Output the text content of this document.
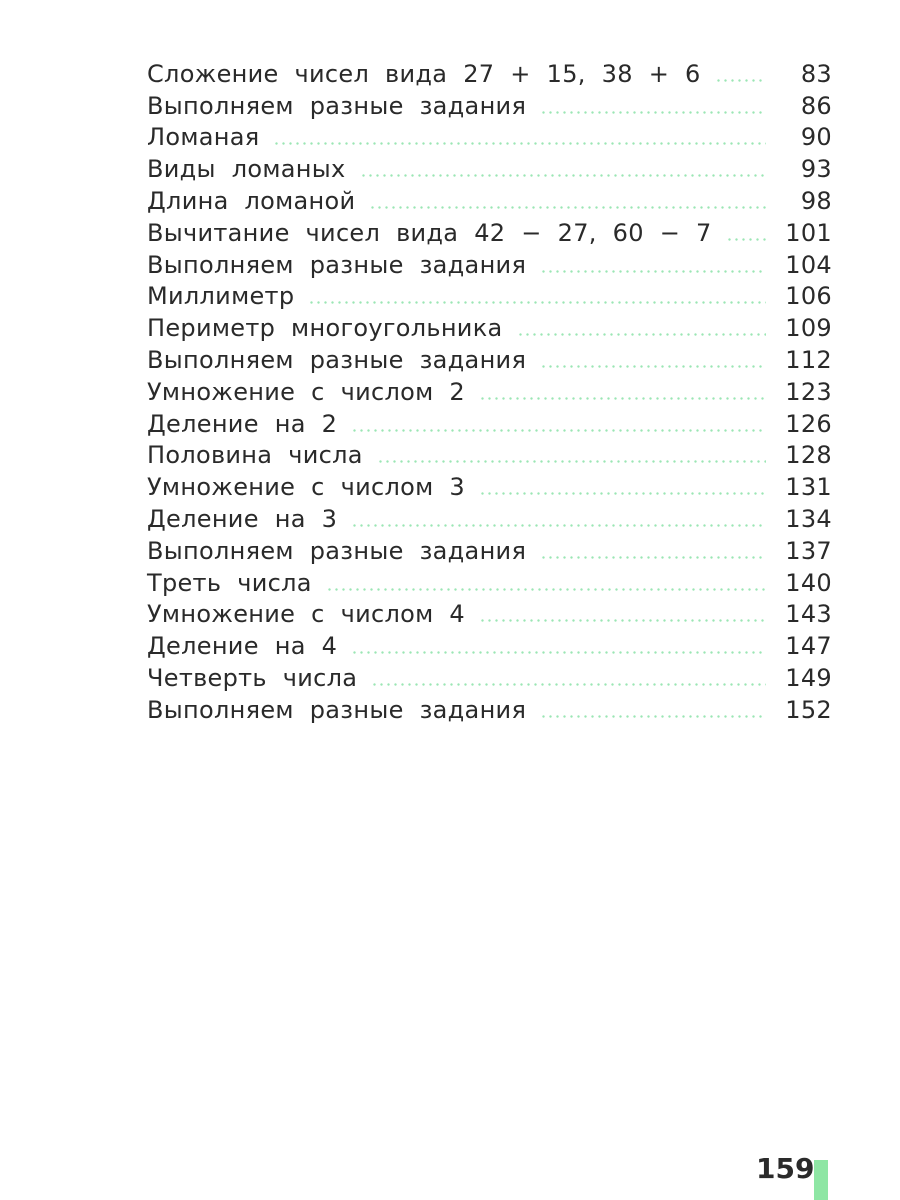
Сложение чисел вида 27 + 15, 38 + 6	83
Выполняем разные задания	86
Ломаная	90
Виды ломаных	93
Длина ломаной	98
Вычитание чисел вида 42 − 27, 60 − 7	101
Выполняем разные задания	104
Миллиметр	106
Периметр многоугольника	109
Выполняем разные задания	112
Умножение с числом 2	123
Деление на 2	126
Половина числа	128
Умножение с числом 3	131
Деление на 3	134
Выполняем разные задания	137
Треть числа	140
Умножение с числом 4	143
Деление на 4	147
Четверть числа	149
Выполняем разные задания	152
159
